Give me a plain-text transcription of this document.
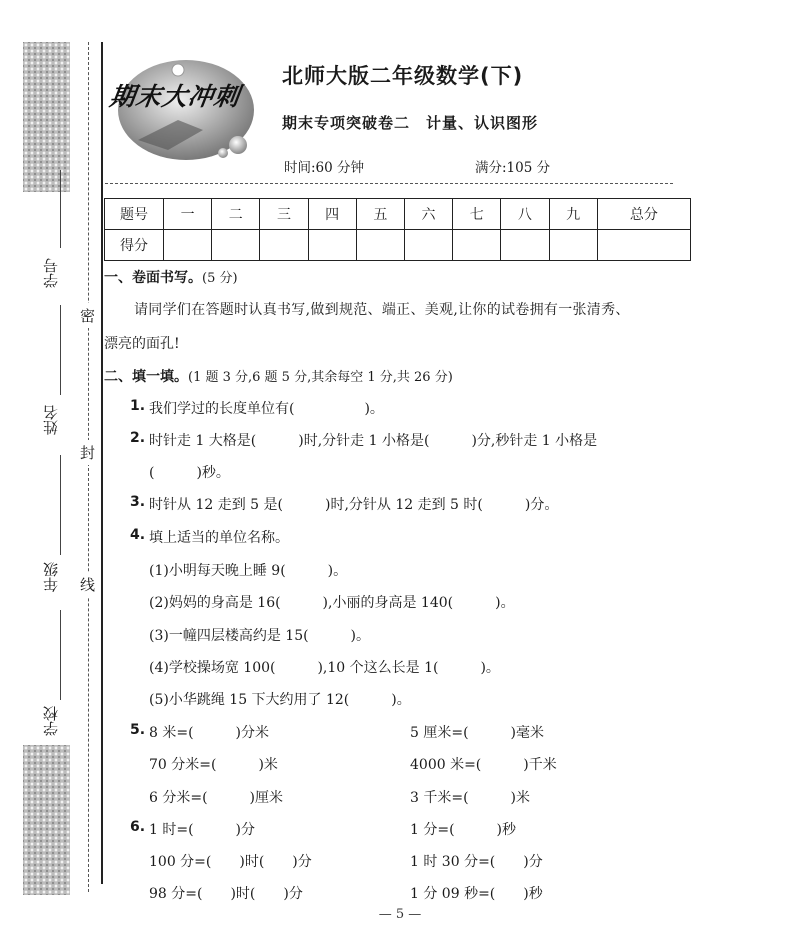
学号
姓名
年级
学校
密
封
线
期末大冲刺
北师大版二年级数学(下)
期末专项突破卷二　计量、认识图形
时间:60 分钟	满分:105 分
题号	一	二	三	四	五	六	七	八	九	总分
得分										
一、卷面书写。(5 分)
请同学们在答题时认真书写,做到规范、端正、美观,让你的试卷拥有一张清秀、
漂亮的面孔!
二、填一填。(1 题 3 分,6 题 5 分,其余每空 1 分,共 26 分)
1. 我们学过的长度单位有(　　　　　)。
2. 时针走 1 大格是(　　　)时,分针走 1 小格是(　　　)分,秒针走 1 小格是
(　　　)秒。
3. 时针从 12 走到 5 是(　　　)时,分针从 12 走到 5 时(　　　)分。
4. 填上适当的单位名称。
(1)小明每天晚上睡 9(　　　)。
(2)妈妈的身高是 16(　　　),小丽的身高是 140(　　　)。
(3)一幢四层楼高约是 15(　　　)。
(4)学校操场宽 100(　　　),10 个这么长是 1(　　　)。
(5)小华跳绳 15 下大约用了 12(　　　)。
5. 8 米=(　　　)分米	5 厘米=(　　　)毫米
70 分米=(　　　)米	4000 米=(　　　)千米
6 分米=(　　　)厘米	3 千米=(　　　)米
6. 1 时=(　　　)分	1 分=(　　　)秒
100 分=(　　)时(　　)分	1 时 30 分=(　　)分
98 分=(　　)时(　　)分	1 分 09 秒=(　　)秒
— 5 —
